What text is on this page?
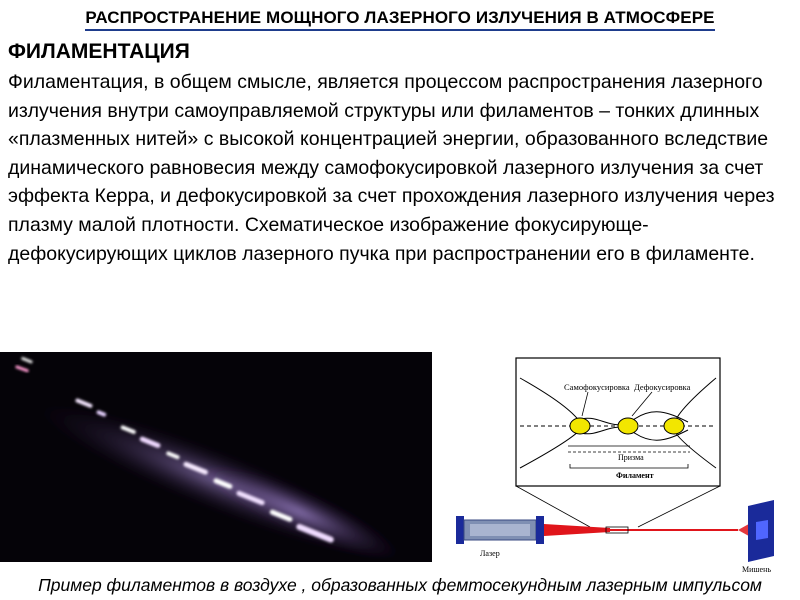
РАСПРОСТРАНЕНИЕ МОЩНОГО ЛАЗЕРНОГО ИЗЛУЧЕНИЯ В АТМОСФЕРЕ
ФИЛАМЕНТАЦИЯ
Филаментация, в общем смысле, является процессом распространения лазерного излучения внутри самоуправляемой структуры или филаментов – тонких длинных «плазменных нитей» с высокой концентрацией энергии, образованного вследствие динамического равновесия между самофокусировкой лазерного излучения за счет эффекта Керра, и дефокусировкой за счет прохождения лазерного излучения через плазму малой плотности. Схематическое изображение фокусирующе-дефокусирующих циклов лазерного пучка при распространении его в филаменте.
Самофокусировка Дефокусировка
Призма
Филамент
Лазер
Мишень
Пример филаментов в воздухе , образованных фемтосекундным лазерным импульсом
